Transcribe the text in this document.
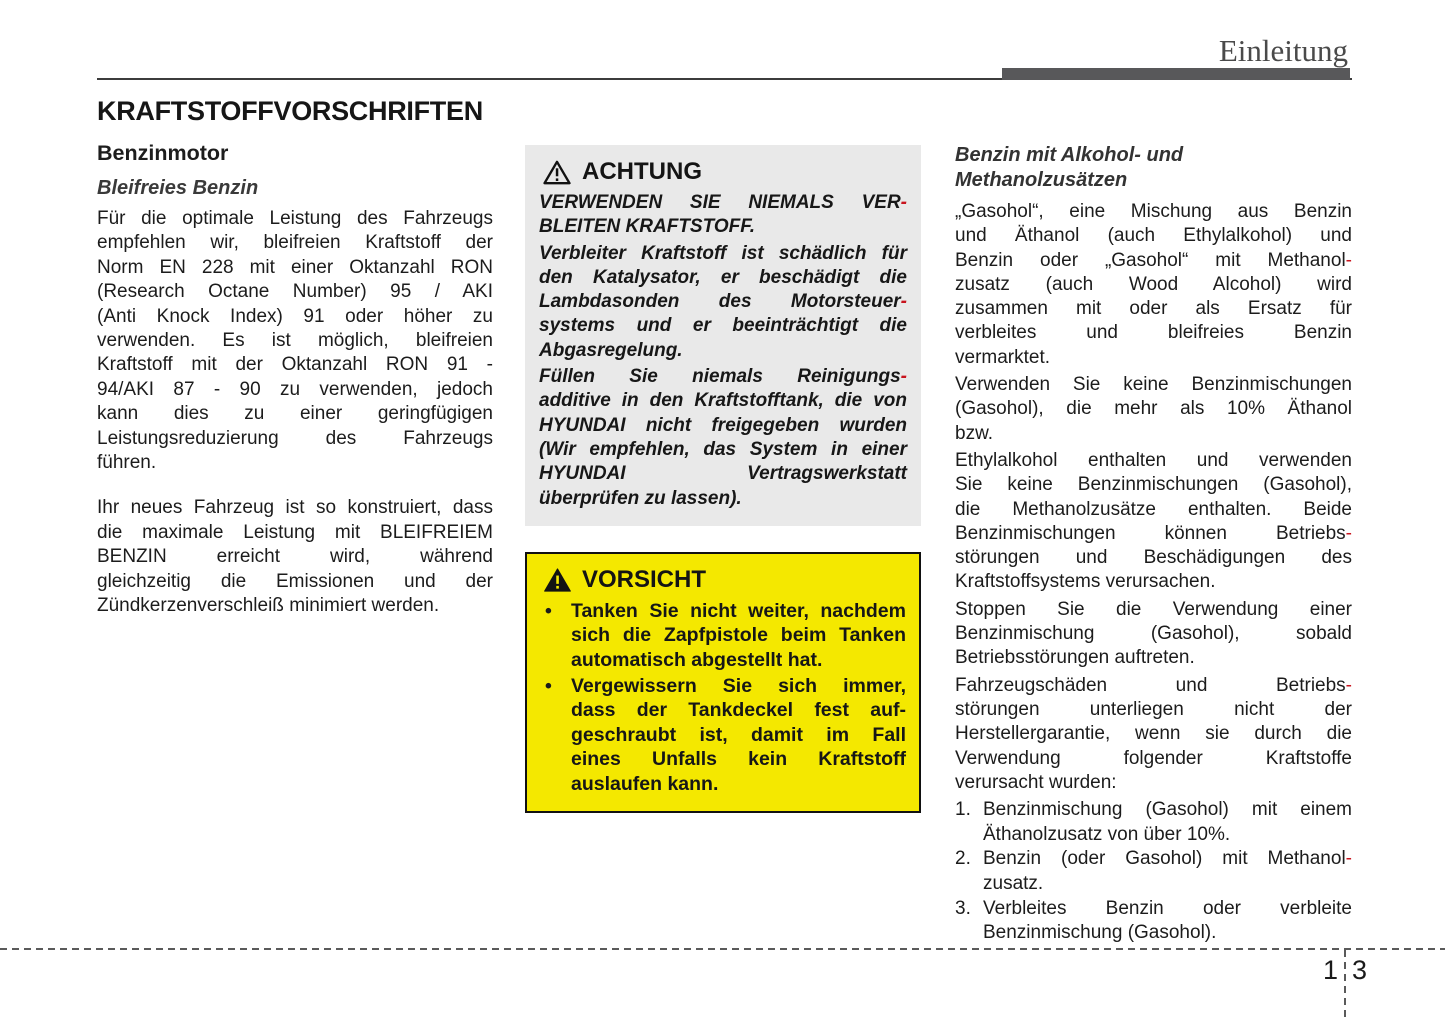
Einleitung
KRAFTSTOFFVORSCHRIFTEN
Benzinmotor
Bleifreies Benzin
Für die optimale Leistung des Fahrzeugs
empfehlen wir, bleifreien Kraftstoff der
Norm EN 228 mit einer Oktanzahl RON
(Research Octane Number) 95 / AKI
(Anti Knock Index) 91 oder höher zu
verwenden. Es ist möglich, bleifreien
Kraftstoff mit der Oktanzahl RON 91 -
94/AKI 87 - 90 zu verwenden, jedoch
kann dies zu einer geringfügigen
Leistungsreduzierung des Fahrzeugs
führen.
Ihr neues Fahrzeug ist so konstruiert, dass
die maximale Leistung mit BLEIFREIEM
BENZIN erreicht wird, während
gleichzeitig die Emissionen und der
Zündkerzenverschleiß minimiert werden.
ACHTUNG
VERWENDEN SIE NIEMALS VER-
BLEITEN KRAFTSTOFF.
Verbleiter Kraftstoff ist schädlich für
den Katalysator, er beschädigt die
Lambdasonden des Motorsteuer-
systems und er beeinträchtigt die
Abgasregelung.
Füllen Sie niemals Reinigungs-
additive in den Kraftstofftank, die von
HYUNDAI nicht freigegeben wurden
(Wir empfehlen, das System in einer
HYUNDAI Vertragswerkstatt
überprüfen zu lassen).
VORSICHT
• Tanken Sie nicht weiter, nachdem
sich die Zapfpistole beim Tanken
automatisch abgestellt hat.
• Vergewissern Sie sich immer,
dass der Tankdeckel fest auf-
geschraubt ist, damit im Fall
eines Unfalls kein Kraftstoff
auslaufen kann.
Benzin mit Alkohol- und
Methanolzusätzen
„Gasohol“, eine Mischung aus Benzin
und Äthanol (auch Ethylalkohol) und
Benzin oder „Gasohol“ mit Methanol-
zusatz (auch Wood Alcohol) wird
zusammen mit oder als Ersatz für
verbleites und bleifreies Benzin
vermarktet.
Verwenden Sie keine Benzinmischungen
(Gasohol), die mehr als 10% Äthanol
bzw.
Ethylalkohol enthalten und verwenden
Sie keine Benzinmischungen (Gasohol),
die Methanolzusätze enthalten. Beide
Benzinmischungen können Betriebs-
störungen und Beschädigungen des
Kraftstoffsystems verursachen.
Stoppen Sie die Verwendung einer
Benzinmischung (Gasohol), sobald
Betriebsstörungen auftreten.
Fahrzeugschäden und Betriebs-
störungen unterliegen nicht der
Herstellergarantie, wenn sie durch die
Verwendung folgender Kraftstoffe
verursacht wurden:
1. Benzinmischung (Gasohol) mit einem
Äthanolzusatz von über 10%.
2. Benzin (oder Gasohol) mit Methanol-
zusatz.
3. Verbleites Benzin oder verbleite
Benzinmischung (Gasohol).
1 3
